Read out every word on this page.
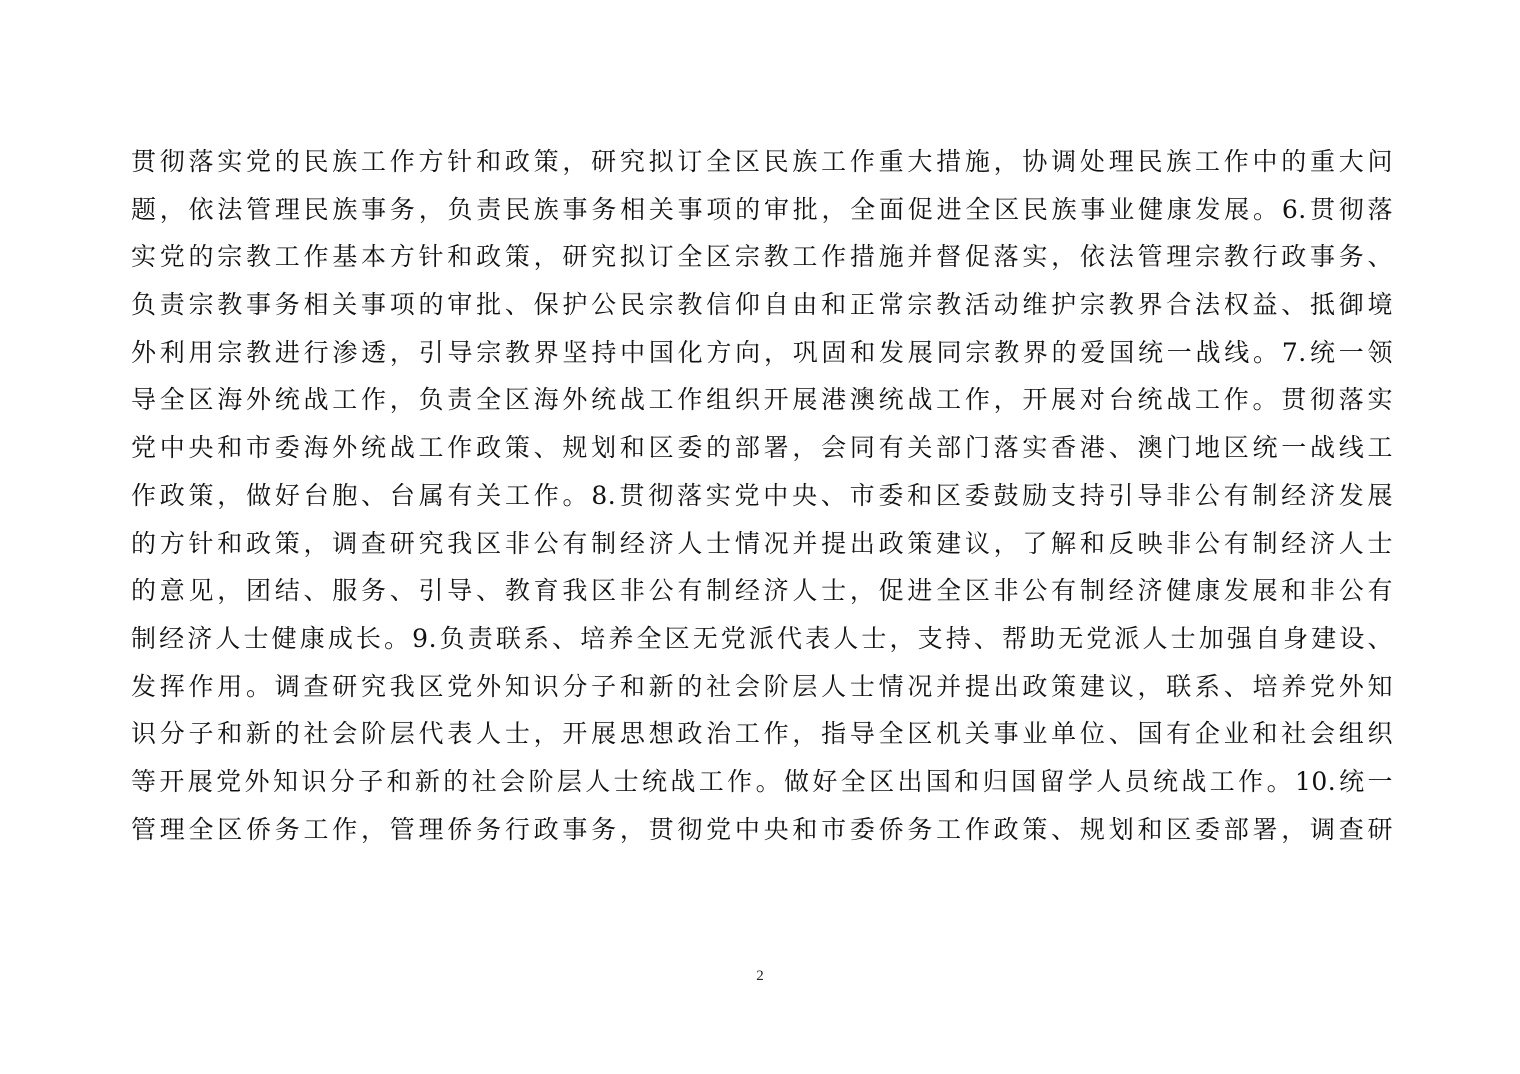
贯彻落实党的民族工作方针和政策，研究拟订全区民族工作重大措施，协调处理民族工作中的重大问
题，依法管理民族事务，负责民族事务相关事项的审批，全面促进全区民族事业健康发展。6.贯彻落
实党的宗教工作基本方针和政策，研究拟订全区宗教工作措施并督促落实，依法管理宗教行政事务、
负责宗教事务相关事项的审批、保护公民宗教信仰自由和正常宗教活动维护宗教界合法权益、抵御境
外利用宗教进行渗透，引导宗教界坚持中国化方向，巩固和发展同宗教界的爱国统一战线。7.统一领
导全区海外统战工作，负责全区海外统战工作组织开展港澳统战工作，开展对台统战工作。贯彻落实
党中央和市委海外统战工作政策、规划和区委的部署，会同有关部门落实香港、澳门地区统一战线工
作政策，做好台胞、台属有关工作。8.贯彻落实党中央、市委和区委鼓励支持引导非公有制经济发展
的方针和政策，调查研究我区非公有制经济人士情况并提出政策建议，了解和反映非公有制经济人士
的意见，团结、服务、引导、教育我区非公有制经济人士，促进全区非公有制经济健康发展和非公有
制经济人士健康成长。9.负责联系、培养全区无党派代表人士，支持、帮助无党派人士加强自身建设、
发挥作用。调查研究我区党外知识分子和新的社会阶层人士情况并提出政策建议，联系、培养党外知
识分子和新的社会阶层代表人士，开展思想政治工作，指导全区机关事业单位、国有企业和社会组织
等开展党外知识分子和新的社会阶层人士统战工作。做好全区出国和归国留学人员统战工作。10.统一
管理全区侨务工作，管理侨务行政事务，贯彻党中央和市委侨务工作政策、规划和区委部署，调查研
2
